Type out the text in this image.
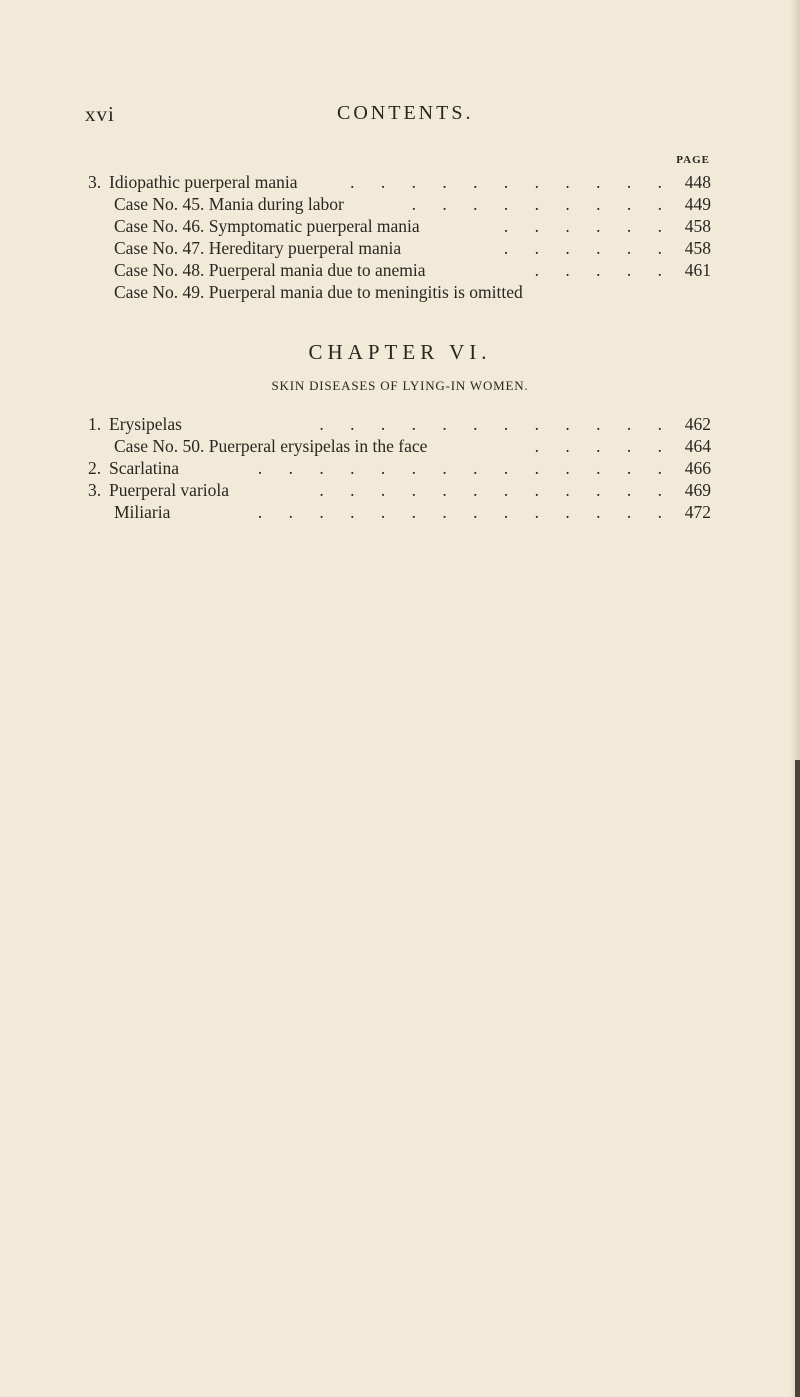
xvi	CONTENTS.
PAGE
3. Idiopathic puerperal mania	. . . . . . . . . . . 448
Case No. 45. Mania during labor	. . . . . . . . . 449
Case No. 46. Symptomatic puerperal mania	. . . . . . 458
Case No. 47. Hereditary puerperal mania	. . . . . . 458
Case No. 48. Puerperal mania due to anemia	. . . . . 461
Case No. 49. Puerperal mania due to meningitis is omitted
CHAPTER VI.
SKIN DISEASES OF LYING-IN WOMEN.
1. Erysipelas	. . . . . . . . . . . . 462
Case No. 50. Puerperal erysipelas in the face	. . . . . 464
2. Scarlatina	. . . . . . . . . . . . . . 466
3. Puerperal variola	. . . . . . . . . . . . 469
Miliaria	. . . . . . . . . . . . . . 472
